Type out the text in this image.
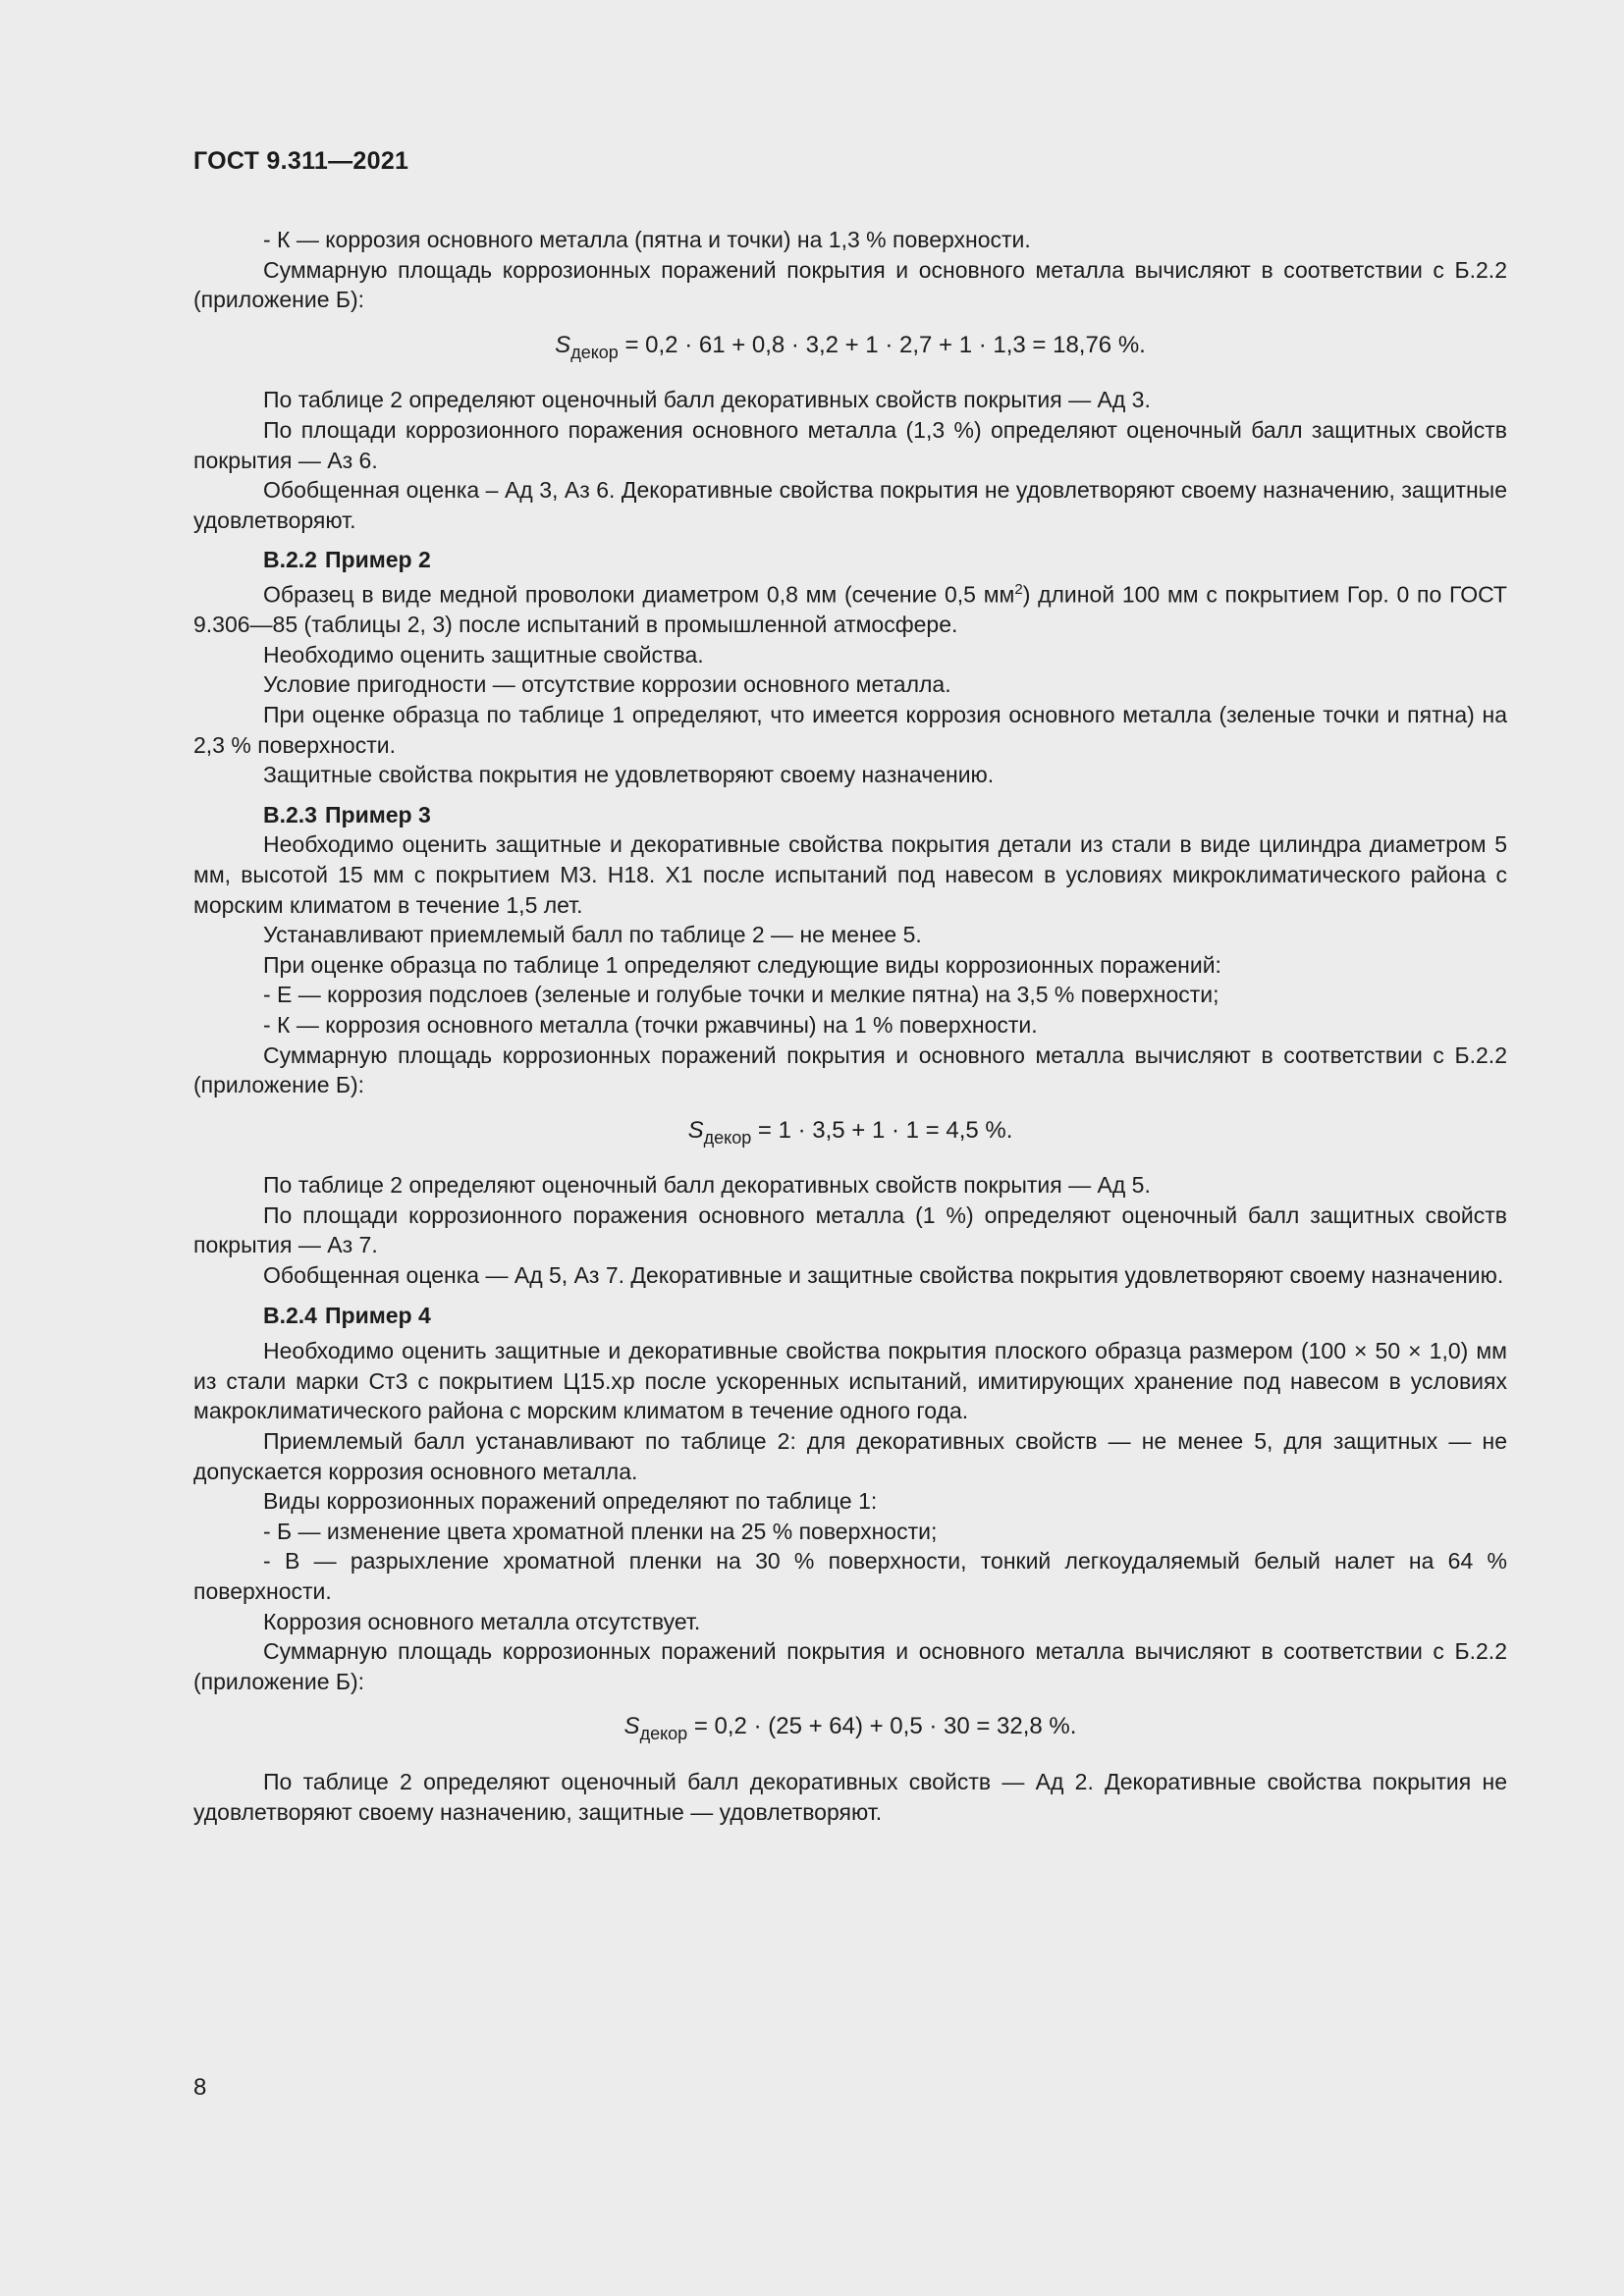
ГОСТ 9.311—2021

- К — коррозия основного металла (пятна и точки) на 1,3 % поверхности.

Суммарную площадь коррозионных поражений покрытия и основного металла вычисляют в соответствии с Б.2.2 (приложение Б):

$S_{декор} = 0,2 \cdot 61 + 0,8 \cdot 3,2 + 1 \cdot 2,7 + 1 \cdot 1,3 = 18,76$ %.

По таблице 2 определяют оценочный балл декоративных свойств покрытия — Ад 3.

По площади коррозионного поражения основного металла (1,3 %) определяют оценочный балл защитных свойств покрытия — Аз 6.

Обобщенная оценка – Ад 3, Аз 6. Декоративные свойства покрытия не удовлетворяют своему назначению, защитные удовлетворяют.

В.2.2 Пример 2

Образец в виде медной проволоки диаметром 0,8 мм (сечение 0,5 $мм^2$) длиной 100 мм с покрытием Гор. 0 по ГОСТ 9.306—85 (таблицы 2, 3) после испытаний в промышленной атмосфере.

Необходимо оценить защитные свойства.

Условие пригодности — отсутствие коррозии основного металла.

При оценке образца по таблице 1 определяют, что имеется коррозия основного металла (зеленые точки и пятна) на 2,3 % поверхности.

Защитные свойства покрытия не удовлетворяют своему назначению.

В.2.3 Пример 3

Необходимо оценить защитные и декоративные свойства покрытия детали из стали в виде цилиндра диаметром 5 мм, высотой 15 мм с покрытием М3. Н18. Х1 после испытаний под навесом в условиях микроклиматического района с морским климатом в течение 1,5 лет.

Устанавливают приемлемый балл по таблице 2 — не менее 5.

При оценке образца по таблице 1 определяют следующие виды коррозионных поражений:

- Е — коррозия подслоев (зеленые и голубые точки и мелкие пятна) на 3,5 % поверхности;

- К — коррозия основного металла (точки ржавчины) на 1 % поверхности.

Суммарную площадь коррозионных поражений покрытия и основного металла вычисляют в соответствии с Б.2.2 (приложение Б):

$S_{декор} = 1 \cdot 3,5 + 1 \cdot 1 = 4,5$ %.

По таблице 2 определяют оценочный балл декоративных свойств покрытия — Ад 5.

По площади коррозионного поражения основного металла (1 %) определяют оценочный балл защитных свойств покрытия — Аз 7.

Обобщенная оценка — Ад 5, Аз 7. Декоративные и защитные свойства покрытия удовлетворяют своему назначению.

В.2.4 Пример 4

Необходимо оценить защитные и декоративные свойства покрытия плоского образца размером (100 × 50 × 1,0) мм из стали марки Ст3 с покрытием Ц15.хр после ускоренных испытаний, имитирующих хранение под навесом в условиях макроклиматического района с морским климатом в течение одного года.

Приемлемый балл устанавливают по таблице 2: для декоративных свойств — не менее 5, для защитных — не допускается коррозия основного металла.

Виды коррозионных поражений определяют по таблице 1:

- Б — изменение цвета хроматной пленки на 25 % поверхности;

- В — разрыхление хроматной пленки на 30 % поверхности, тонкий легкоудаляемый белый налет на 64 % поверхности.

Коррозия основного металла отсутствует.

Суммарную площадь коррозионных поражений покрытия и основного металла вычисляют в соответствии с Б.2.2 (приложение Б):

$S_{декор} = 0,2 \cdot (25 + 64) + 0,5 \cdot 30 = 32,8$ %.

По таблице 2 определяют оценочный балл декоративных свойств — Ад 2. Декоративные свойства покрытия не удовлетворяют своему назначению, защитные — удовлетворяют.

8
